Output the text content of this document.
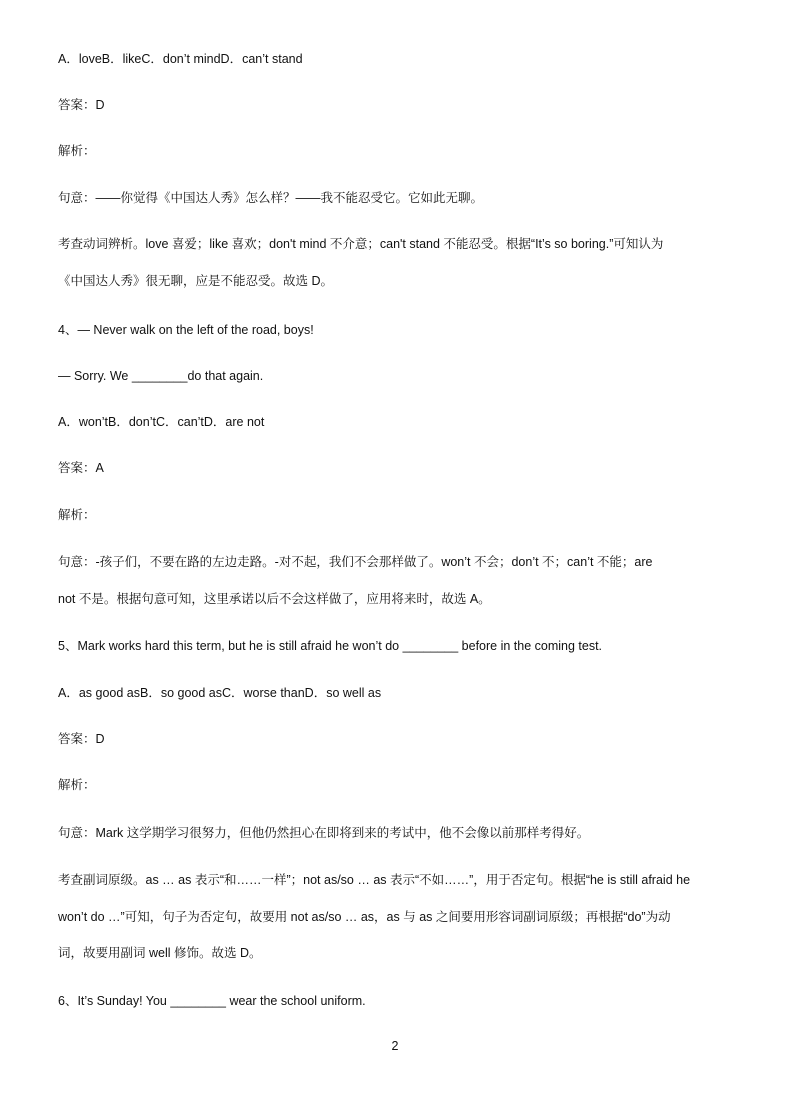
A．loveB．likeC．don’t mindD．can’t stand
答案：D
解析：
句意：——你觉得《中国达人秀》怎么样？——我不能忍受它。它如此无聊。
考查动词辨析。love 喜爱；like 喜欢；don't mind 不介意；can't stand 不能忍受。根据“It’s so boring.”可知认为
《中国达人秀》很无聊，应是不能忍受。故选 D。
4、— Never walk on the left of the road, boys!
— Sorry. We ________do that again.
A．won’tB．don’tC．can’tD．are not
答案：A
解析：
句意：-孩子们，不要在路的左边走路。-对不起，我们不会那样做了。won’t 不会；don’t 不；can’t 不能；are
not 不是。根据句意可知，这里承诺以后不会这样做了，应用将来时，故选 A。
5、Mark works hard this term, but he is still afraid he won’t do ________ before in the coming test.
A．as good asB．so good asC．worse thanD．so well as
答案：D
解析：
句意：Mark 这学期学习很努力，但他仍然担心在即将到来的考试中，他不会像以前那样考得好。
考查副词原级。as … as 表示“和……一样”；not as/so … as 表示“不如……”，用于否定句。根据“he is still afraid he
won’t do …”可知，句子为否定句，故要用 not as/so … as，as 与 as 之间要用形容词副词原级；再根据“do”为动
词，故要用副词 well 修饰。故选 D。
6、It’s Sunday! You ________ wear the school uniform.
2
